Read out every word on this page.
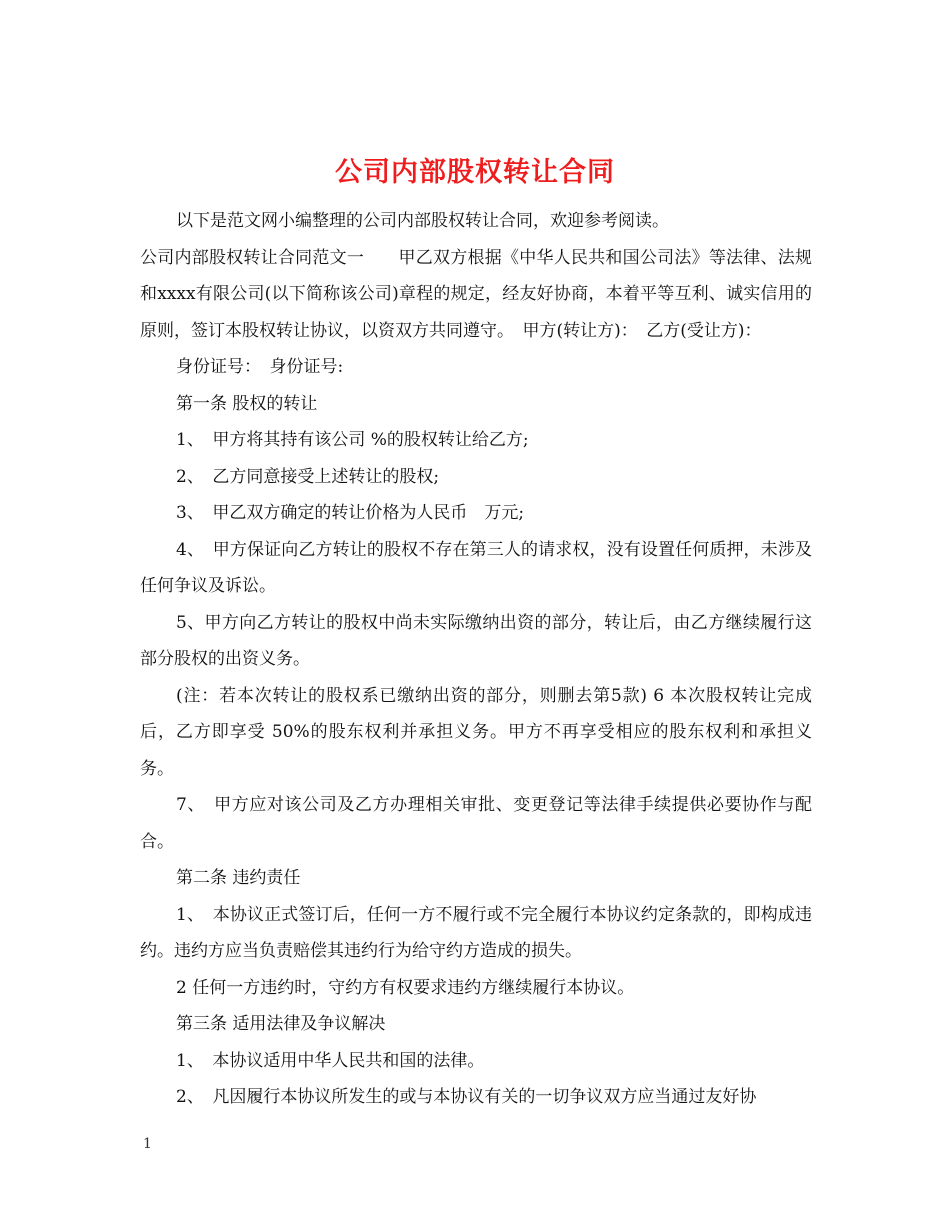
公司内部股权转让合同

以下是范文网小编整理的公司内部股权转让合同，欢迎参考阅读。

公司内部股权转让合同范文一　　甲乙双方根据《中华人民共和国公司法》等法律、法规和xxxx有限公司(以下简称该公司)章程的规定，经友好协商，本着平等互利、诚实信用的原则，签订本股权转让协议，以资双方共同遵守。　甲方(转让方)：　乙方(受让方)：

身份证号：　身份证号:

第一条 股权的转让

1、　甲方将其持有该公司 %的股权转让给乙方;

2、　乙方同意接受上述转让的股权;

3、　甲乙双方确定的转让价格为人民币　万元;

4、　甲方保证向乙方转让的股权不存在第三人的请求权，没有设置任何质押，未涉及任何争议及诉讼。

5、甲方向乙方转让的股权中尚未实际缴纳出资的部分，转让后，由乙方继续履行这部分股权的出资义务。

(注：若本次转让的股权系已缴纳出资的部分，则删去第5款) 6 本次股权转让完成后，乙方即享受 50%的股东权利并承担义务。甲方不再享受相应的股东权利和承担义务。

7、　甲方应对该公司及乙方办理相关审批、变更登记等法律手续提供必要协作与配合。

第二条 违约责任

1、　本协议正式签订后，任何一方不履行或不完全履行本协议约定条款的，即构成违约。违约方应当负责赔偿其违约行为给守约方造成的损失。

2 任何一方违约时，守约方有权要求违约方继续履行本协议。

第三条 适用法律及争议解决

1、　本协议适用中华人民共和国的法律。

2、　凡因履行本协议所发生的或与本协议有关的一切争议双方应当通过友好协

1
